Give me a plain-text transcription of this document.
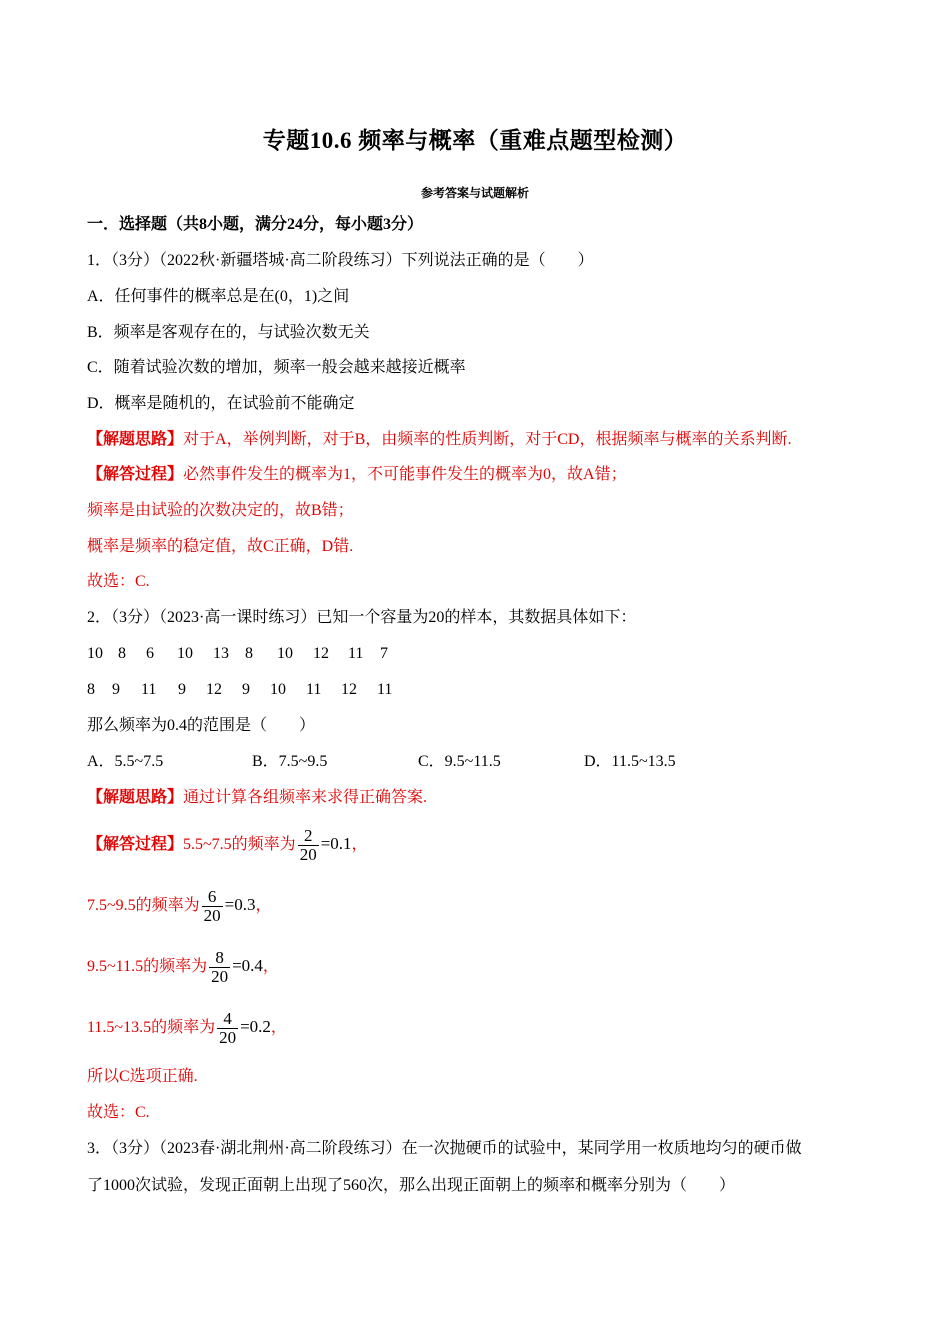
专题10.6 频率与概率（重难点题型检测）
参考答案与试题解析
一．选择题（共8小题，满分24分，每小题3分）
1．（3分）（2022秋·新疆塔城·高二阶段练习）下列说法正确的是（　　）
A．任何事件的概率总是在(0，1)之间
B．频率是客观存在的，与试验次数无关
C．随着试验次数的增加，频率一般会越来越接近概率
D．概率是随机的，在试验前不能确定
【解题思路】对于A，举例判断，对于B，由频率的性质判断，对于CD，根据频率与概率的关系判断.
【解答过程】必然事件发生的概率为1，不可能事件发生的概率为0，故A错；
频率是由试验的次数决定的，故B错；
概率是频率的稳定值，故C正确，D错.
故选：C.
2．（3分）（2023·高一课时练习）已知一个容量为20的样本，其数据具体如下：
10 8 6 10 13 8 10 12 11 7
8 9 11 9 12 9 10 11 12 11
那么频率为0.4的范围是（　　）
A．5.5~7.5	B．7.5~9.5	C．9.5~11.5	D．11.5~13.5
【解题思路】通过计算各组频率来求得正确答案.
【解答过程】5.5~7.5的频率为 $\frac{2}{20} =0.1$，
7.5~9.5的频率为 $\frac{6}{20} =0.3$，
9.5~11.5的频率为 $\frac{8}{20} =0.4$，
11.5~13.5的频率为 $\frac{4}{20} =0.2$，
所以C选项正确.
故选：C.
3．（3分）（2023春·湖北荆州·高二阶段练习）在一次抛硬币的试验中，某同学用一枚质地均匀的硬币做
了1000次试验，发现正面朝上出现了560次，那么出现正面朝上的频率和概率分别为（　　）
